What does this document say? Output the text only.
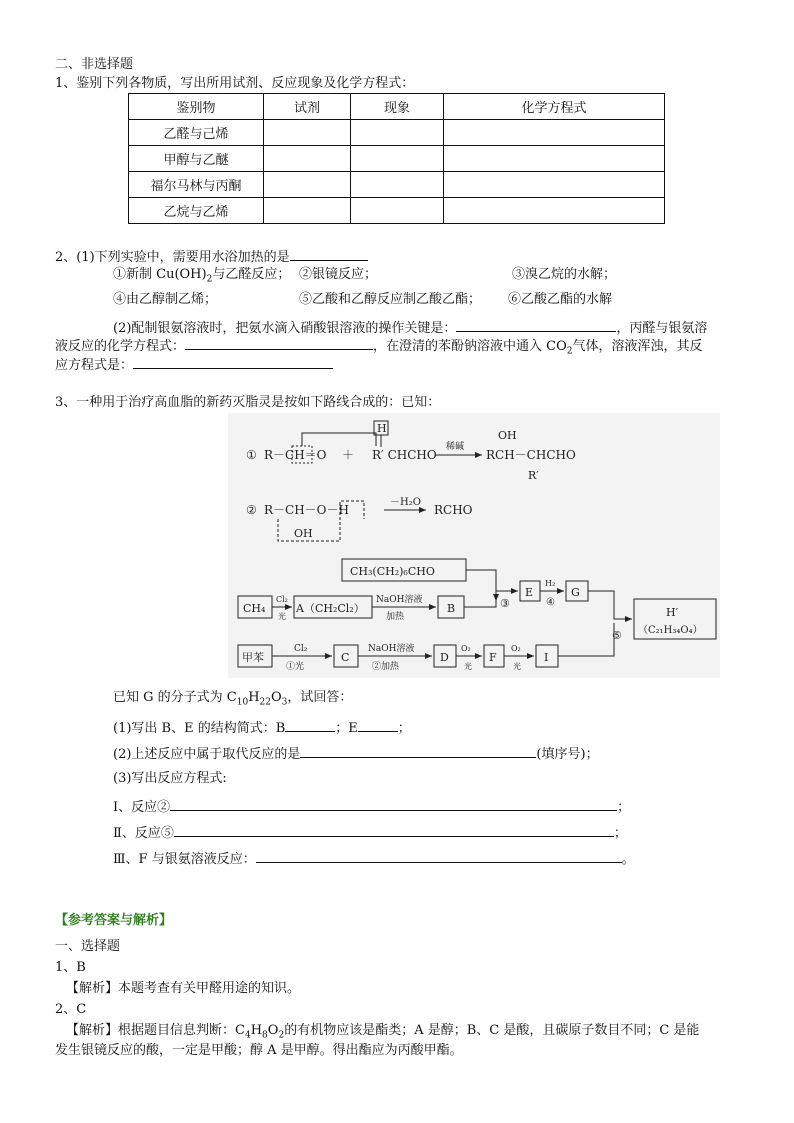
二、非选择题
1、鉴别下列各物质，写出所用试剂、反应现象及化学方程式：
鉴别物	试剂	现象	化学方程式
乙醛与己烯			
甲醇与乙醚			
福尔马林与丙酮			
乙烷与乙烯			
2、(1)下列实验中，需要用水浴加热的是
①新制 $Cu(OH)_2$与乙醛反应； ②银镜反应；	③溴乙烷的水解；
④由乙醇制乙烯；	⑤乙酸和乙醇反应制乙酸乙酯； ⑥乙酸乙酯的水解
(2)配制银氨溶液时，把氨水滴入硝酸银溶液的操作关键是：	，丙醛与银氨溶
液反应的化学方程式：	，在澄清的苯酚钠溶液中通入 $CO_2$气体，溶液浑浊，其反
应方程式是：
3、一种用于治疗高血脂的新药灭脂灵是按如下路线合成的：已知：
① R－CH＝O ＋ R′ CHCHO
H
稀碱
OH
RCH－CHCHO
R′
② R－CH－O－H
OH
－H₂O
RCHO
CH₃(CH₂)₆CHO
CH₄
Cl₂
光
A（CH₂Cl₂）
NaOH溶液
加热
B	③
E
H₂
④
G
⑤
H′
（C₂₁H₃₄O₄）
甲苯
Cl₂
①光
C
NaOH溶液
②加热
D
O₂
光
F
O₂
光
I
已知 G 的分子式为 $C_{10}H_{22}O_3$，试回答：
(1)写出 B、E 的结构简式：B	；E	；
(2)上述反应中属于取代反应的是	(填序号)；
(3)写出反应方程式:
Ⅰ、反应②	；
Ⅱ、反应⑤	；
Ⅲ、F 与银氨溶液反应：	。
【参考答案与解析】
一、选择题
1、B
【解析】本题考查有关甲醛用途的知识。
2、C
【解析】根据题目信息判断：$C_4H_8O_2$的有机物应该是酯类；A 是醇；B、C 是酸，且碳原子数目不同；C 是能
发生银镜反应的酸，一定是甲酸；醇 A 是甲醇。得出酯应为丙酸甲酯。
